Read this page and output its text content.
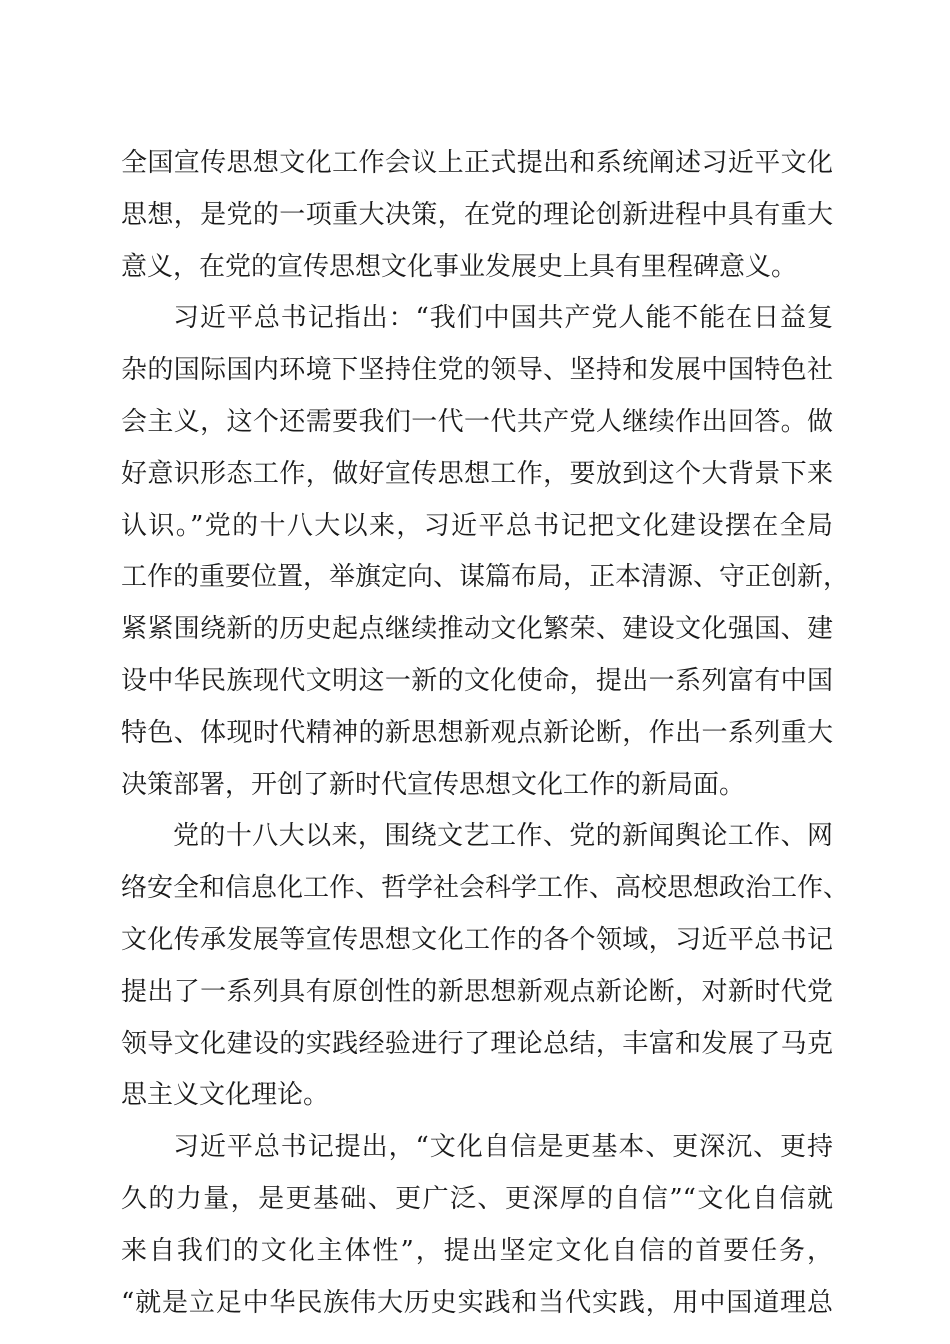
全国宣传思想文化工作会议上正式提出和系统阐述习近平文化
思想，是党的一项重大决策，在党的理论创新进程中具有重大
意义，在党的宣传思想文化事业发展史上具有里程碑意义。
习近平总书记指出：“我们中国共产党人能不能在日益复
杂的国际国内环境下坚持住党的领导、坚持和发展中国特色社
会主义，这个还需要我们一代一代共产党人继续作出回答。做
好意识形态工作，做好宣传思想工作，要放到这个大背景下来
认识。”党的十八大以来，习近平总书记把文化建设摆在全局
工作的重要位置，举旗定向、谋篇布局，正本清源、守正创新，
紧紧围绕新的历史起点继续推动文化繁荣、建设文化强国、建
设中华民族现代文明这一新的文化使命，提出一系列富有中国
特色、体现时代精神的新思想新观点新论断，作出一系列重大
决策部署，开创了新时代宣传思想文化工作的新局面。
党的十八大以来，围绕文艺工作、党的新闻舆论工作、网
络安全和信息化工作、哲学社会科学工作、高校思想政治工作、
文化传承发展等宣传思想文化工作的各个领域，习近平总书记
提出了一系列具有原创性的新思想新观点新论断，对新时代党
领导文化建设的实践经验进行了理论总结，丰富和发展了马克
思主义文化理论。
习近平总书记提出，“文化自信是更基本、更深沉、更持
久的力量，是更基础、更广泛、更深厚的自信”“文化自信就
来自我们的文化主体性”，提出坚定文化自信的首要任务，
“就是立足中华民族伟大历史实践和当代实践，用中国道理总
